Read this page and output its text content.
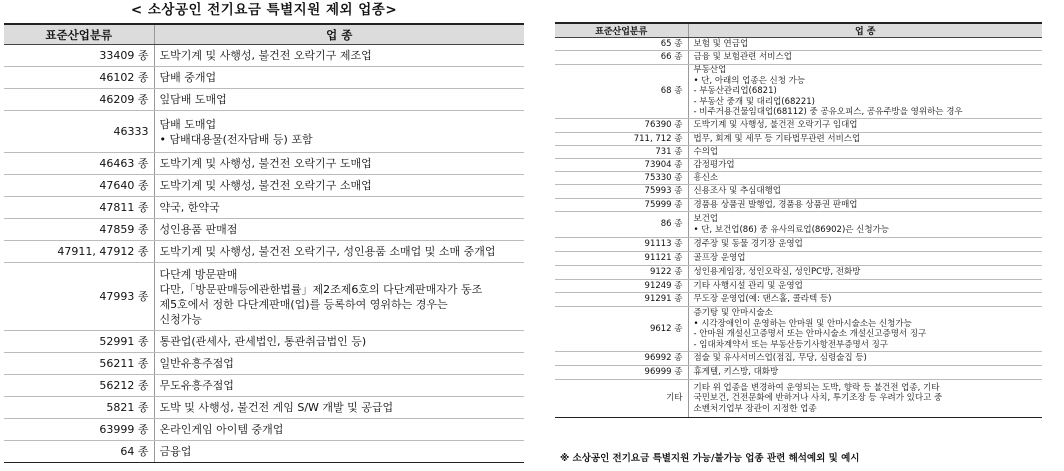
< 소상공인 전기요금 특별지원 제외 업종>
표준산업분류	업 종
33409 종	도박기계 및 사행성, 불건전 오락기구 제조업

46102 종	담배 중개업

46209 종	잎담배 도매업

46333	담배 도매업
• 담배대용물(전자담배 등) 포함

46463 종	도박기계 및 사행성, 불건전 오락기구 도매업

47640 종	도박기계 및 사행성, 불건전 오락기구 소매업

47811 종	약국, 한약국

47859 종	성인용품 판매점

47911, 47912 종	도박기계 및 사행성, 불건전 오락기구, 성인용품 소매업 및 소매 중개업

47993 종	다단계 방문판매
다만,「방문판매등에관한법률」제2조제6호의 다단계판매자가 동조
제5호에서 정한 다단계판매(업)를 등록하여 영위하는 경우는
신청가능

52991 종	통관업(관세사, 관세법인, 통관취급법인 등)

56211 종	일반유흥주점업

56212 종	무도유흥주점업

5821 종	도박 및 사행성, 불건전 게임 S/W 개발 및 공급업

63999 종	온라인게임 아이템 중개업

64 종	금융업
표준산업분류	업 종
65 종	보험 및 연금업

66 종	금융 및 보험관련 서비스업

68 종	부동산업
• 단, 아래의 업종은 신청 가능
- 부동산관리업(6821)
- 부동산 중개 및 대리업(68221)
- 비주거용건물임대업(68112) 중 공유오피스, 공유주방을 영위하는 경우

76390 종	도박기계 및 사행성, 불건전 오락기구 임대업

711, 712 종	법무, 회계 및 세무 등 기타법무관련 서비스업

731 종	수의업

73904 종	감정평가업

75330 종	흥신소

75993 종	신용조사 및 추심대행업

75999 종	경품용 상품권 발행업, 경품용 상품권 판매업

86 종	보건업
• 단, 보건업(86) 중 유사의료업(86902)은 신청가능

91113 종	경주장 및 동물 경기장 운영업

91121 종	골프장 운영업

9122 종	성인용게임장, 성인오락실, 성인PC방, 전화방

91249 종	기타 사행시설 관리 및 운영업

91291 종	무도장 운영업(예: 댄스홀, 콜라텍 등)

9612 종	증기탕 및 안마시술소
• 시각장애인이 운영하는 안마원 및 안마시술소는 신청가능
- 안마원 개설신고증명서 또는 안마시술소 개설신고증명서 징구
- 임대차계약서 또는 부동산등기사항전부증명서 징구

96992 종	점술 및 유사서비스업(점집, 무당, 심령술집 등)

96999 종	휴게텔, 키스방, 대화방

기타	기타 위 업종을 변경하여 운영되는 도박, 향락 등 불건전 업종, 기타
국민보건, 건전문화에 반하거나 사치, 투기조장 등 우려가 있다고 중
소벤처기업부 장관이 지정한 업종
※ 소상공인 전기요금 특별지원 가능/불가능 업종 관련 해석예외 및 예시
